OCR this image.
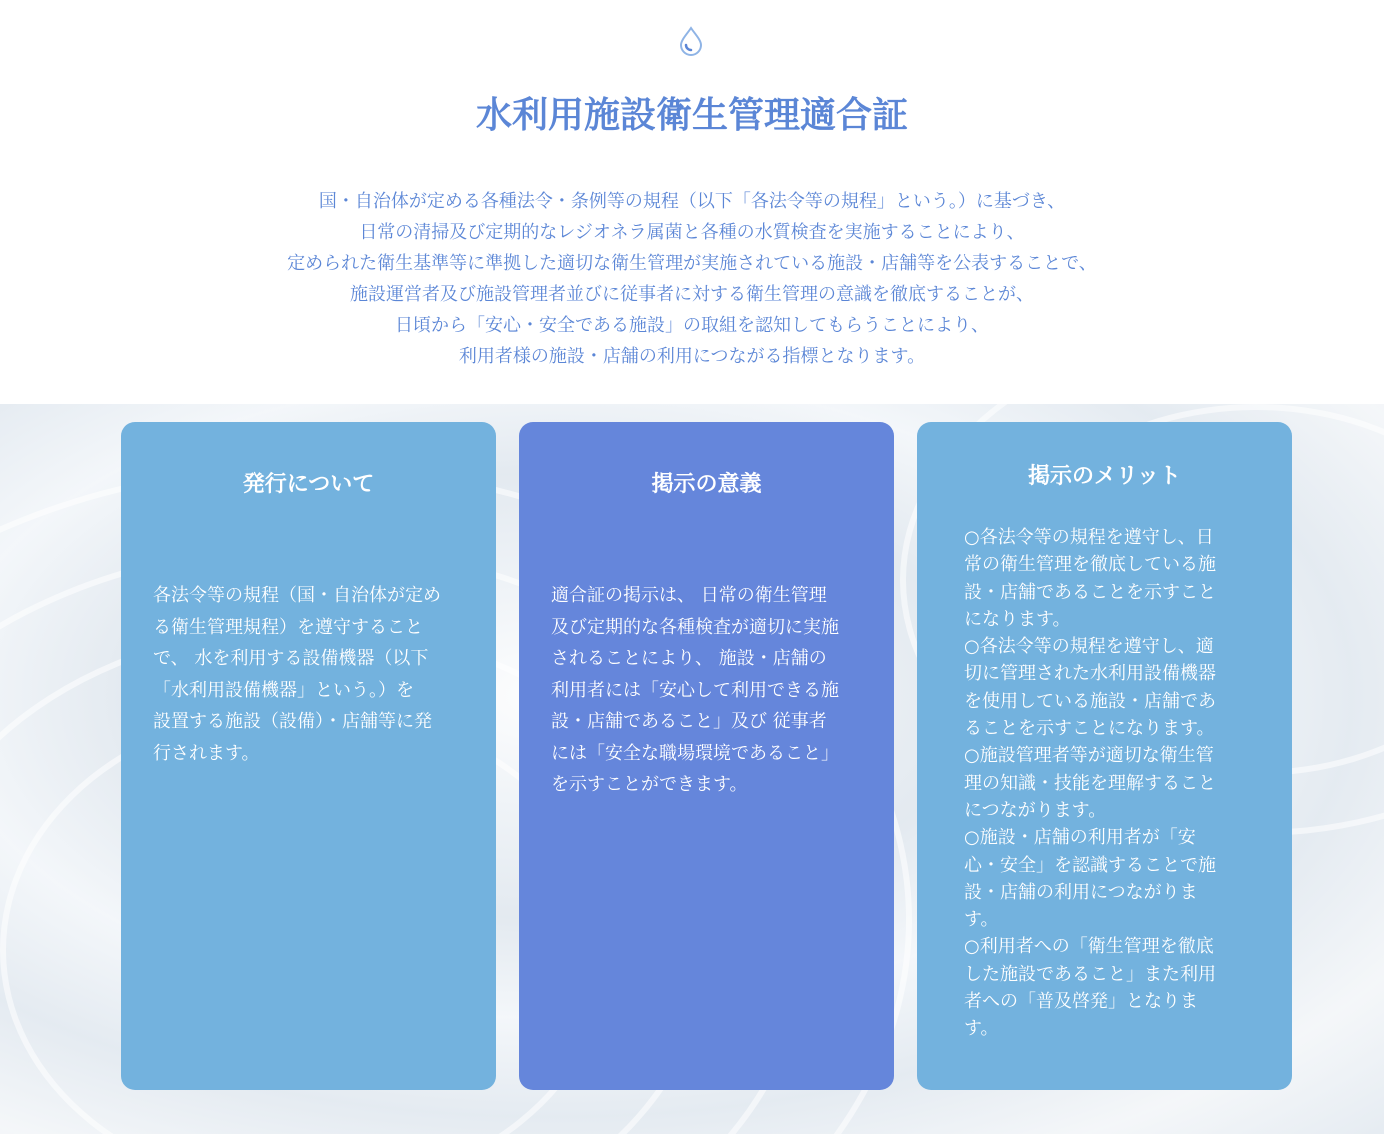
水利用施設衛生管理適合証

国・自治体が定める各種法令・条例等の規程（以下「各法令等の規程」という。）に基づき、
日常の清掃及び定期的なレジオネラ属菌と各種の水質検査を実施することにより、
定められた衛生基準等に準拠した適切な衛生管理が実施されている施設・店舗等を公表することで、
施設運営者及び施設管理者並びに従事者に対する衛生管理の意識を徹底することが、
日頃から「安心・安全である施設」の取組を認知してもらうことにより、
利用者様の施設・店舗の利用につながる指標となります。

発行について

各法令等の規程（国・自治体が定め
る衛生管理規程）を遵守すること
で、 水を利用する設備機器（以下
「水利用設備機器」という。）を
設置する施設（設備）・店舗等に発
行されます。

掲示の意義

適合証の掲示は、 日常の衛生管理
及び定期的な各種検査が適切に実施
されることにより、 施設・店舗の
利用者には「安心して利用できる施
設・店舗であること」及び 従事者
には「安全な職場環境であること」
を示すことができます。

掲示のメリット

○各法令等の規程を遵守し、日
常の衛生管理を徹底している施
設・店舗であることを示すこと
になります。
○各法令等の規程を遵守し、適
切に管理された水利用設備機器
を使用している施設・店舗であ
ることを示すことになります。
○施設管理者等が適切な衛生管
理の知識・技能を理解すること
につながります。
○施設・店舗の利用者が「安
心・安全」を認識することで施
設・店舗の利用につながりま
す。
○利用者への「衛生管理を徹底
した施設であること」また利用
者への「普及啓発」となりま
す。
